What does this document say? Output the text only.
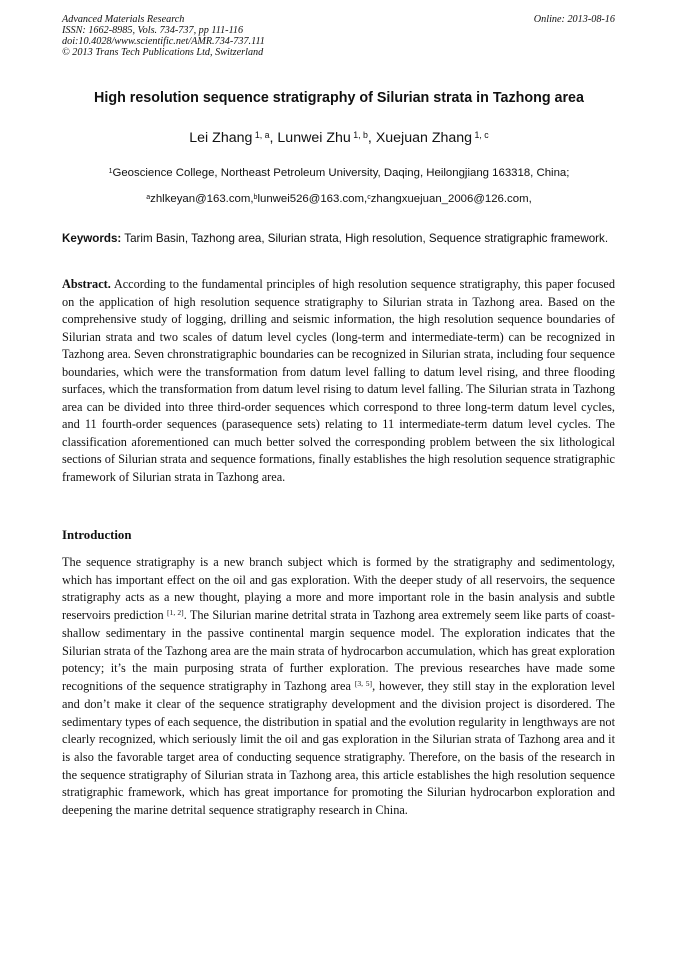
Advanced Materials Research
ISSN: 1662-8985, Vols. 734-737, pp 111-116
doi:10.4028/www.scientific.net/AMR.734-737.111
© 2013 Trans Tech Publications Ltd, Switzerland
Online: 2013-08-16
High resolution sequence stratigraphy of Silurian strata in Tazhong area
Lei Zhang $^{1, a}$, Lunwei Zhu $^{1, b}$, Xuejuan Zhang $^{1, c}$
$^1$Geoscience College, Northeast Petroleum University, Daqing, Heilongjiang 163318, China;
$^a$zhlkeyan@163.com,$^b$lunwei526@163.com,$^c$zhangxuejuan_2006@126.com,
Keywords: Tarim Basin, Tazhong area, Silurian strata, High resolution, Sequence stratigraphic framework.
Abstract. According to the fundamental principles of high resolution sequence stratigraphy, this paper focused on the application of high resolution sequence stratigraphy to Silurian strata in Tazhong area. Based on the comprehensive study of logging, drilling and seismic information, the high resolution sequence boundaries of Silurian strata and two scales of datum level cycles (long-term and intermediate-term) can be recognized in Tazhong area. Seven chronstratigraphic boundaries can be recognized in Silurian strata, including four sequence boundaries, which were the transformation from datum level falling to datum level rising, and three flooding surfaces, which the transformation from datum level rising to datum level falling. The Silurian strata in Tazhong area can be divided into three third-order sequences which correspond to three long-term datum level cycles, and 11 fourth-order sequences (parasequence sets) relating to 11 intermediate-term datum level cycles. The classification aforementioned can much better solved the corresponding problem between the six lithological sections of Silurian strata and sequence formations, finally establishes the high resolution sequence stratigraphic framework of Silurian strata in Tazhong area.
Introduction
The sequence stratigraphy is a new branch subject which is formed by the stratigraphy and sedimentology, which has important effect on the oil and gas exploration. With the deeper study of all reservoirs, the sequence stratigraphy acts as a new thought, playing a more and more important role in the basin analysis and subtle reservoirs prediction [1, 2]. The Silurian marine detrital strata in Tazhong area extremely seem like parts of coast-shallow sedimentary in the passive continental margin sequence model. The exploration indicates that the Silurian strata of the Tazhong area are the main strata of hydrocarbon accumulation, which has great exploration potency; it’s the main purposing strata of further exploration. The previous researches have made some recognitions of the sequence stratigraphy in Tazhong area [3, 5], however, they still stay in the exploration level and don’t make it clear of the sequence stratigraphy development and the division project is disordered. The sedimentary types of each sequence, the distribution in spatial and the evolution regularity in lengthways are not clearly recognized, which seriously limit the oil and gas exploration in the Silurian strata of Tazhong area and it is also the favorable target area of conducting sequence stratigraphy. Therefore, on the basis of the research in the sequence stratigraphy of Silurian strata in Tazhong area, this article establishes the high resolution sequence stratigraphic framework, which has great importance for promoting the Silurian hydrocarbon exploration and deepening the marine detrital sequence stratigraphy research in China.
